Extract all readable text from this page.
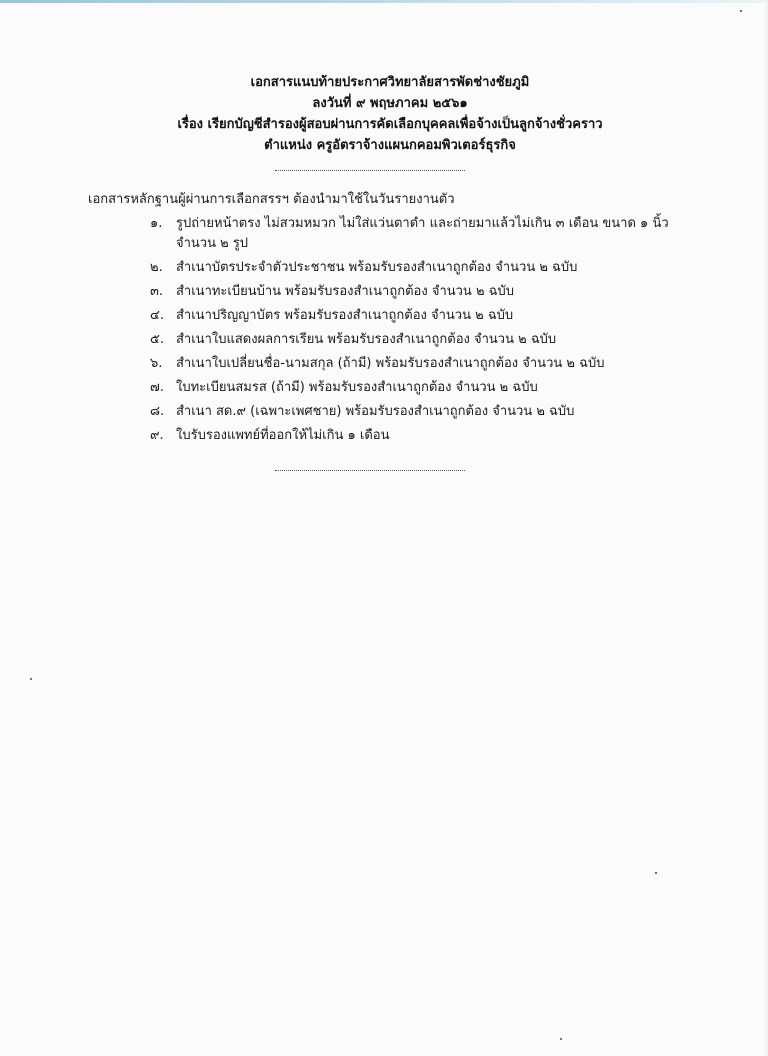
เอกสารแนบท้ายประกาศวิทยาลัยสารพัดช่างชัยภูมิ
ลงวันที่ ๙ พฤษภาคม ๒๕๖๑
เรื่อง เรียกบัญชีสำรองผู้สอบผ่านการคัดเลือกบุคคลเพื่อจ้างเป็นลูกจ้างชั่วคราว
ตำแหน่ง ครูอัตราจ้างแผนกคอมพิวเตอร์ธุรกิจ
เอกสารหลักฐานผู้ผ่านการเลือกสรรฯ ต้องนำมาใช้ในวันรายงานตัว
๑.	รูปถ่ายหน้าตรง ไม่สวมหมวก ไม่ใส่แว่นตาดำ และถ่ายมาแล้วไม่เกิน ๓ เดือน ขนาด ๑ นิ้ว จำนวน ๒ รูป
๒.	สำเนาบัตรประจำตัวประชาชน พร้อมรับรองสำเนาถูกต้อง จำนวน ๒ ฉบับ
๓. สำเนาทะเบียนบ้าน พร้อมรับรองสำเนาถูกต้อง จำนวน ๒ ฉบับ
๔. สำเนาปริญญาบัตร พร้อมรับรองสำเนาถูกต้อง จำนวน ๒ ฉบับ
๕. สำเนาใบแสดงผลการเรียน พร้อมรับรองสำเนาถูกต้อง จำนวน ๒ ฉบับ
๖.	สำเนาใบเปลี่ยนชื่อ-นามสกุล (ถ้ามี) พร้อมรับรองสำเนาถูกต้อง จำนวน ๒ ฉบับ
๗. ใบทะเบียนสมรส (ถ้ามี) พร้อมรับรองสำเนาถูกต้อง จำนวน ๒ ฉบับ
๘. สำเนา สด.๙ (เฉพาะเพศชาย) พร้อมรับรองสำเนาถูกต้อง จำนวน ๒ ฉบับ
๙. ใบรับรองแพทย์ที่ออกให้ไม่เกิน ๑ เดือน
